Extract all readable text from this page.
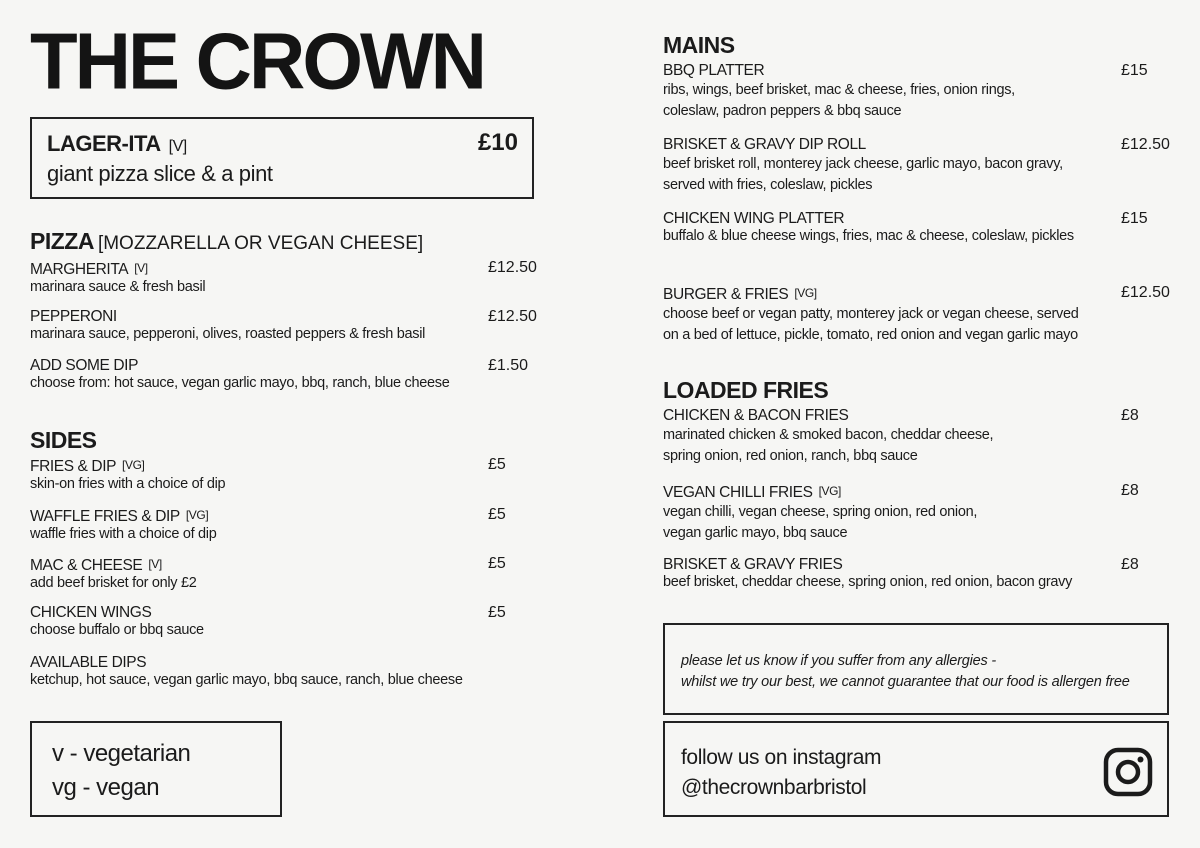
THE CROWN
LAGER-ITA [V]	£10
giant pizza slice & a pint
PIZZA [MOZZARELLA OR VEGAN CHEESE]
MARGHERITA [V]
marinara sauce & fresh basil
£12.50
PEPPERONI
marinara sauce, pepperoni, olives, roasted peppers & fresh basil
£12.50
ADD SOME DIP
choose from: hot sauce, vegan garlic mayo, bbq, ranch, blue cheese
£1.50
SIDES
FRIES & DIP [VG]
skin-on fries with a choice of dip
£5
WAFFLE FRIES & DIP [VG]
waffle fries with a choice of dip
£5
MAC & CHEESE [V]
add beef brisket for only £2
£5
CHICKEN WINGS
choose buffalo or bbq sauce
£5
AVAILABLE DIPS
ketchup, hot sauce, vegan garlic mayo, bbq sauce, ranch, blue cheese
v - vegetarian
vg - vegan
MAINS
BBQ PLATTER
ribs, wings, beef brisket, mac & cheese, fries, onion rings,
coleslaw, padron peppers & bbq sauce
£15
BRISKET & GRAVY DIP ROLL
beef brisket roll, monterey jack cheese, garlic mayo, bacon gravy,
served with fries, coleslaw, pickles
£12.50
CHICKEN WING PLATTER
buffalo & blue cheese wings, fries, mac & cheese, coleslaw, pickles
£15
BURGER & FRIES [VG]
choose beef or vegan patty, monterey jack or vegan cheese, served
on a bed of lettuce, pickle, tomato, red onion and vegan garlic mayo
£12.50
LOADED FRIES
CHICKEN & BACON FRIES
marinated chicken & smoked bacon, cheddar cheese,
spring onion, red onion, ranch, bbq sauce
£8
VEGAN CHILLI FRIES [VG]
vegan chilli, vegan cheese, spring onion, red onion,
vegan garlic mayo, bbq sauce
£8
BRISKET & GRAVY FRIES
beef brisket, cheddar cheese, spring onion, red onion, bacon gravy
£8
please let us know if you suffer from any allergies -
whilst we try our best, we cannot guarantee that our food is allergen free
follow us on instagram
@thecrownbarbristol
